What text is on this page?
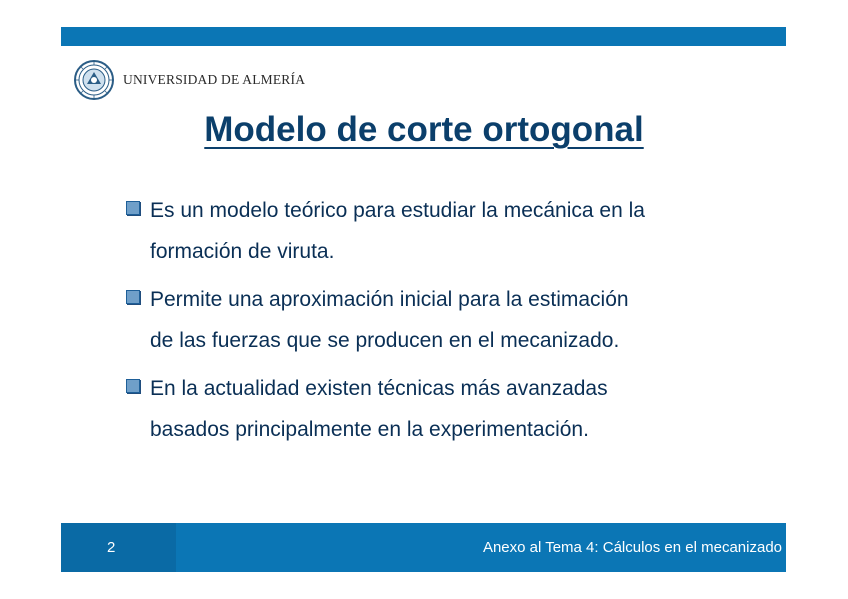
UNIVERSIDAD DE ALMERÍA
Modelo de corte ortogonal
Es un modelo teórico para estudiar la mecánica en la
formación de viruta.
Permite una aproximación inicial para la estimación
de las fuerzas que se producen en el mecanizado.
En la actualidad existen técnicas más avanzadas
basados principalmente en la experimentación.
2	Anexo al Tema 4: Cálculos en el mecanizado
